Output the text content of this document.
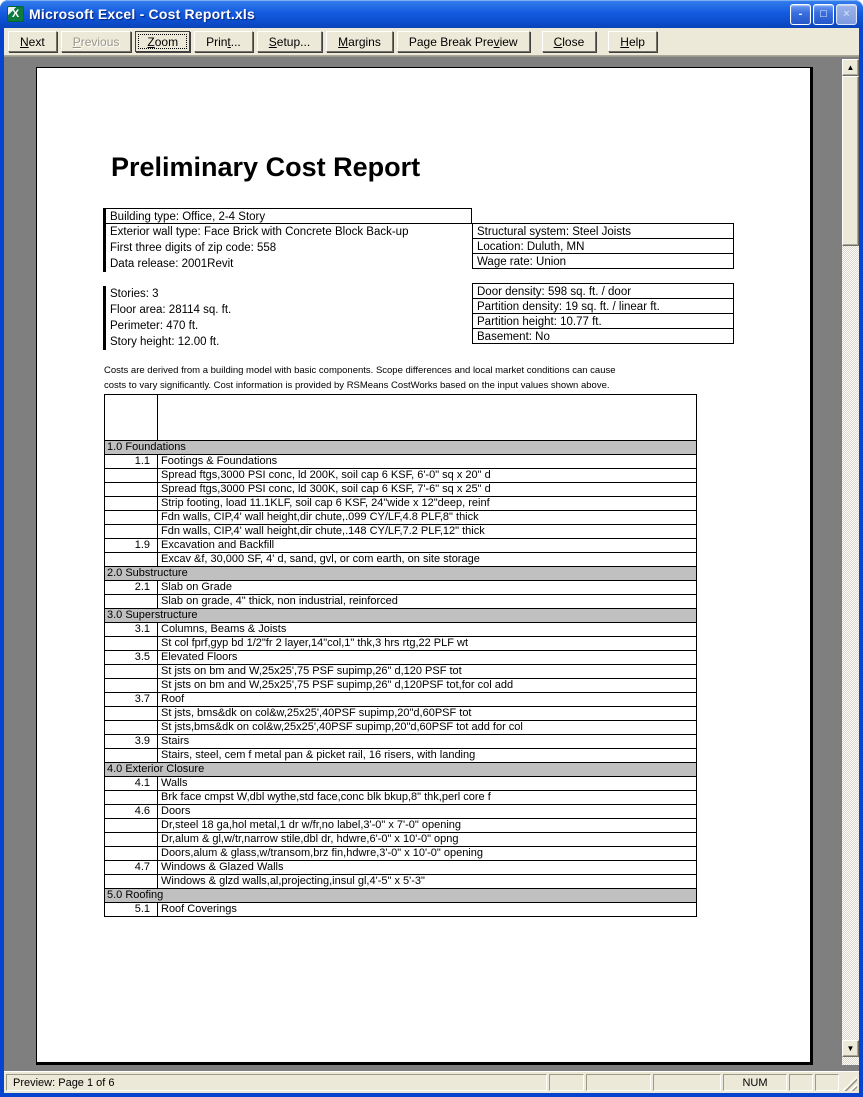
X Microsoft Excel - Cost Report.xls	-	□	×
Next	Previous	Zoom	Print...	Setup...	Margins	Page Break Preview	Close	Help
Preliminary Cost Report
Building type: Office, 2-4 Story
Exterior wall type: Face Brick with Concrete Block Back-up
First three digits of zip code: 558
Data release: 2001Revit
Structural system: Steel Joists
Location: Duluth, MN
Wage rate: Union
Stories: 3
Floor area: 28114 sq. ft.
Perimeter: 470 ft.
Story height: 12.00 ft.
Door density: 598 sq. ft. / door
Partition density: 19 sq. ft. / linear ft.
Partition height: 10.77 ft.
Basement: No
Costs are derived from a building model with basic components. Scope differences and local market conditions can cause
costs to vary significantly. Cost information is provided by RSMeans CostWorks based on the input values shown above.

1.0 Foundations	
1.1	Footings & Foundations
	Spread ftgs,3000 PSI conc, ld 200K, soil cap 6 KSF, 6'-0" sq x 20" d
	Spread ftgs,3000 PSI conc, ld 300K, soil cap 6 KSF, 7'-6" sq x 25" d
	Strip footing, load 11.1KLF, soil cap 6 KSF, 24"wide x 12"deep, reinf
	Fdn walls, CIP,4' wall height,dir chute,.099 CY/LF,4.8 PLF,8" thick
	Fdn walls, CIP,4' wall height,dir chute,.148 CY/LF,7.2 PLF,12" thick
1.9	Excavation and Backfill
	Excav &f, 30,000 SF, 4' d, sand, gvl, or com earth, on site storage
2.0 Substructure	
2.1	Slab on Grade
	Slab on grade, 4" thick, non industrial, reinforced
3.0 Superstructure	
3.1	Columns, Beams & Joists
	St col fprf,gyp bd 1/2"fr 2 layer,14"col,1" thk,3 hrs rtg,22 PLF wt
3.5	Elevated Floors
	St jsts on bm and W,25x25',75 PSF supimp,26" d,120 PSF tot
	St jsts on bm and W,25x25',75 PSF supimp,26" d,120PSF tot,for col add
3.7	Roof
	St jsts, bms&dk on col&w,25x25',40PSF supimp,20"d,60PSF tot
	St jsts,bms&dk on col&w,25x25',40PSF supimp,20"d,60PSF tot add for col
3.9	Stairs
	Stairs, steel, cem f metal pan & picket rail, 16 risers, with landing
4.0 Exterior Closure	
4.1	Walls
	Brk face cmpst W,dbl wythe,std face,conc blk bkup,8" thk,perl core f
4.6	Doors
	Dr,steel 18 ga,hol metal,1 dr w/fr,no label,3'-0" x 7'-0" opening
	Dr,alum & gl,w/tr,narrow stile,dbl dr, hdwre,6'-0" x 10'-0" opng
	Doors,alum & glass,w/transom,brz fin,hdwre,3'-0" x 10'-0" opening
4.7	Windows & Glazed Walls
	Windows & glzd walls,al,projecting,insul gl,4'-5" x 5'-3"
5.0 Roofing	
5.1	Roof Coverings
▲
▼
Preview: Page 1 of 6	NUM
